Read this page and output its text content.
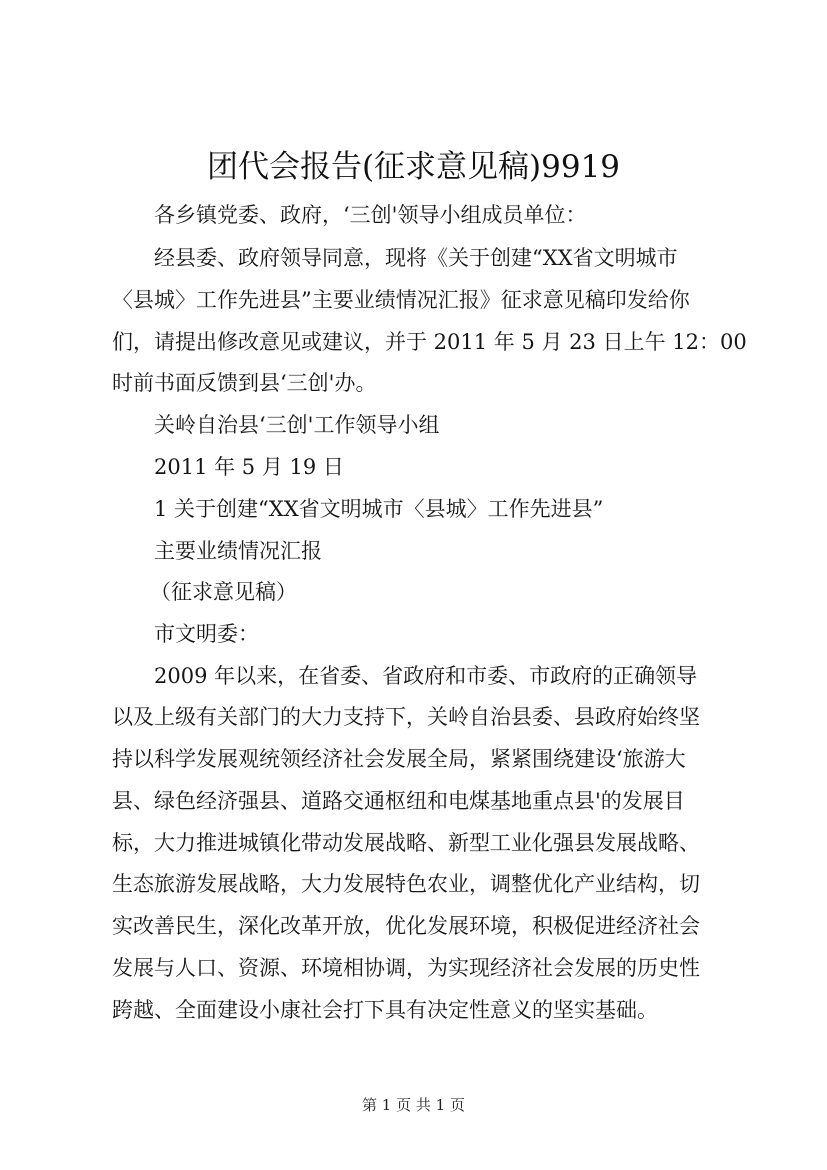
团代会报告(征求意见稿)9919
各乡镇党委、政府，‘三创'领导小组成员单位：
经县委、政府领导同意，现将《关于创建“XX省文明城市
〈县城〉工作先进县”主要业绩情况汇报》征求意见稿印发给你
们，请提出修改意见或建议，并于 2011 年 5 月 23 日上午 12：00
时前书面反馈到县‘三创'办。
关岭自治县‘三创'工作领导小组
2011 年 5 月 19 日
1 关于创建“XX省文明城市〈县城〉工作先进县”
主要业绩情况汇报
（征求意见稿）
市文明委：
2009 年以来，在省委、省政府和市委、市政府的正确领导
以及上级有关部门的大力支持下，关岭自治县委、县政府始终坚
持以科学发展观统领经济社会发展全局，紧紧围绕建设‘旅游大
县、绿色经济强县、道路交通枢纽和电煤基地重点县'的发展目
标，大力推进城镇化带动发展战略、新型工业化强县发展战略、
生态旅游发展战略，大力发展特色农业，调整优化产业结构，切
实改善民生，深化改革开放，优化发展环境，积极促进经济社会
发展与人口、资源、环境相协调，为实现经济社会发展的历史性
跨越、全面建设小康社会打下具有决定性意义的坚实基础。
第 1 页 共 1 页
